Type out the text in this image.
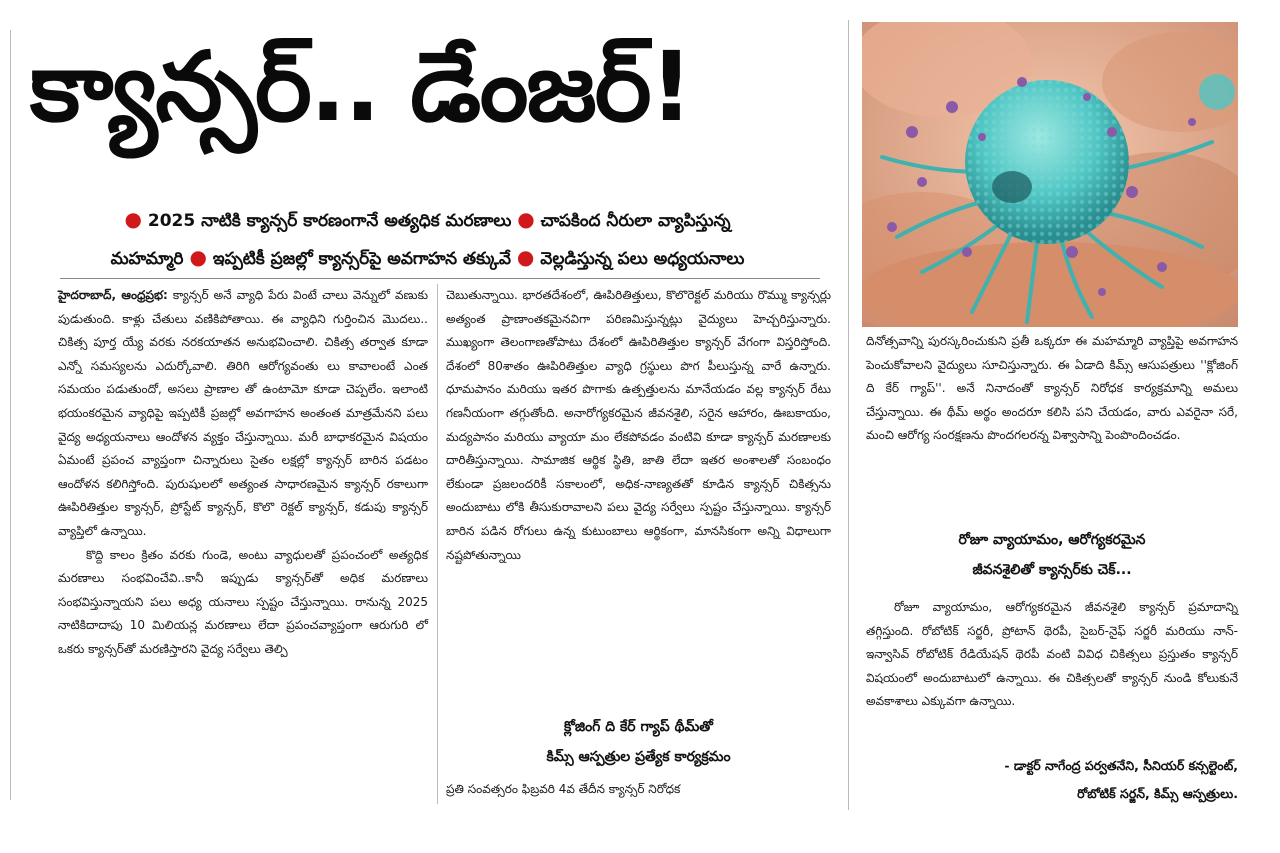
క్యాన్సర్.. డేంజర్!
● 2025 నాటికి క్యాన్సర్ కారణంగానే అత్యధిక మరణాలు ● చాపకింద నీరులా వ్యాపిస్తున్న
మహమ్మారి ● ఇప్పటికీ ప్రజల్లో క్యాన్సర్‌పై అవగాహన తక్కువే ● వెల్లడిస్తున్న పలు అధ్యయనాలు

హైదరాబాద్, ఆంధ్రప్రభ: క్యాన్సర్ అనే వ్యాధి పేరు వింటే చాలు వెన్నులో వణుకు పుడుతుంది. కాళ్లు చేతులు వణికిపోతాయి. ఈ వ్యాధిని గుర్తించిన మొదలు.. చికిత్స పూర్త య్యే వరకు నరకయాతన అనుభవించాలి. చికిత్స తర్వాత కూడా ఎన్నో సమస్యలను ఎదుర్కోవాలి. తిరిగి ఆరోగ్యవంతు లు కావాలంటే ఎంత సమయం పడుతుందో, అసలు ప్రాణాల తో ఉంటామో కూడా చెప్పలేం. ఇలాంటి భయంకరమైన వ్యాధిపై ఇప్పటికీ ప్రజల్లో అవగాహన అంతంత మాత్రమేనని పలు వైద్య అధ్యయనాలు ఆందోళన వ్యక్తం చేస్తున్నాయి. మరీ బాధాకరమైన విషయం ఏమంటే ప్రపంచ వ్యాప్తంగా చిన్నారులు సైతం లక్షల్లో క్యాన్సర్ బారిన పడటం ఆందోళన కలిగిస్తోంది. పురుషులలో అత్యంత సాధారణమైన క్యాన్సర్ రకాలుగా ఊపిరితిత్తుల క్యాన్సర్, ప్రోస్టేట్ క్యాన్సర్, కొలొ రెక్టల్ క్యాన్సర్, కడుపు క్యాన్సర్ వ్యాప్తిలో ఉన్నాయి.

కొద్ది కాలం క్రితం వరకు గుండె, అంటు వ్యాధులతో ప్రపంచంలో అత్యధిక మరణాలు సంభవించేవి..కానీ ఇప్పుడు క్యాన్సర్‌తో అధిక మరణాలు సంభవిస్తున్నాయని పలు అధ్య యనాలు స్పష్టం చేస్తున్నాయి. రానున్న 2025 నాటికిదాదాపు 10 మిలియన్ల మరణాలు లేదా ప్రపంచవ్యాప్తంగా ఆరుగురి లో ఒకరు క్యాన్సర్‌తో మరణిస్తారని వైద్య సర్వేలు తెల్పి

చెబుతున్నాయి. భారతదేశంలో, ఊపిరితిత్తులు, కొలొరెక్టల్ మరియు రొమ్ము క్యాన్సర్లు అత్యంత ప్రాణాంతకమైనవిగా పరిణమిస్తున్నట్లు వైద్యులు హెచ్చరిస్తున్నారు. ముఖ్యంగా తెలంగాణతోపాటు దేశంలో ఊపిరితిత్తుల క్యాన్సర్ వేగంగా విస్తరిస్తోంది. దేశంలో 80శాతం ఊపిరితిత్తుల వ్యాధి గ్రస్థులు పొగ పీలుస్తున్న వారే ఉన్నారు. ధూమపానం మరియు ఇతర పొగాకు ఉత్పత్తులను మానేయడం వల్ల క్యాన్సర్ రేటు గణనీయంగా తగ్గుతోంది. అనారోగ్యకరమైన జీవనశైలి, సరైన ఆహారం, ఊబకాయం, మద్యపానం మరియు వ్యాయా మం లేకపోవడం వంటివి కూడా క్యాన్సర్ మరణాలకు దారితీస్తున్నాయి. సామాజిక ఆర్థిక స్థితి, జాతి లేదా ఇతర అంశాలతో సంబంధం లేకుండా ప్రజలందరికీ సకాలంలో, అధిక-నాణ్యతతో కూడిన క్యాన్సర్ చికిత్సను అందుబాటు లోకి తీసుకురావాలని పలు వైద్య సర్వేలు స్పష్టం చేస్తున్నాయి. క్యాన్సర్ బారిన పడిన రోగులు ఉన్న కుటుంబాలు ఆర్థికంగా, మానసికంగా అన్ని విధాలుగా నష్టపోతున్నాయి

క్లోజింగ్ ది కేర్ గ్యాప్ థీమ్‌తో
కిమ్స్ ఆస్పత్రుల ప్రత్యేక కార్యక్రమం

ప్రతి సంవత్సరం ఫిబ్రవరి 4వ తేదీన క్యాన్సర్ నిరోధక

దినోత్సవాన్ని పురస్కరించుకుని ప్రతీ ఒక్కరూ ఈ మహమ్మారి వ్యాప్తిపై అవగాహన పెంచుకోవాలని వైద్యులు సూచిస్తున్నారు. ఈ ఏడాది కిమ్స్ ఆసుపత్రులు ''క్లోజింగ్ ది కేర్ గ్యాప్''. అనే నినాదంతో క్యాన్సర్ నిరోధక కార్యక్రమాన్ని అమలు చేస్తున్నాయి. ఈ థీమ్ అర్థం అందరూ కలిసి పని చేయడం, వారు ఎవరైనా సరే, మంచి ఆరోగ్య సంరక్షణను పొందగలరన్న విశ్వాసాన్ని పెంపొందించడం.

రోజూ వ్యాయామం, ఆరోగ్యకరమైన
జీవనశైలితో క్యాన్సర్‌కు చెక్...

రోజూ వ్యాయామం, ఆరోగ్యకరమైన జీవనశైలి క్యాన్సర్ ప్రమాదాన్ని తగ్గిస్తుంది. రోబోటిక్ సర్జరీ, ప్రోటాన్ థెరపీ, సైబర్-నైఫ్ సర్జరీ మరియు నాన్-ఇన్వాసివ్ రోబోటిక్ రేడియేషన్ థెరపీ వంటి వివిధ చికిత్సలు ప్రస్తుతం క్యాన్సర్ విషయంలో అందుబాటులో ఉన్నాయి. ఈ చికిత్సలతో క్యాన్సర్ నుండి కోలుకునే అవకాశాలు ఎక్కువగా ఉన్నాయి.

- డాక్టర్ నాగేంద్ర పర్వతనేని, సీనియర్ కన్సల్టెంట్,
రోబోటిక్ సర్జన్, కిమ్స్ ఆస్పత్రులు.
